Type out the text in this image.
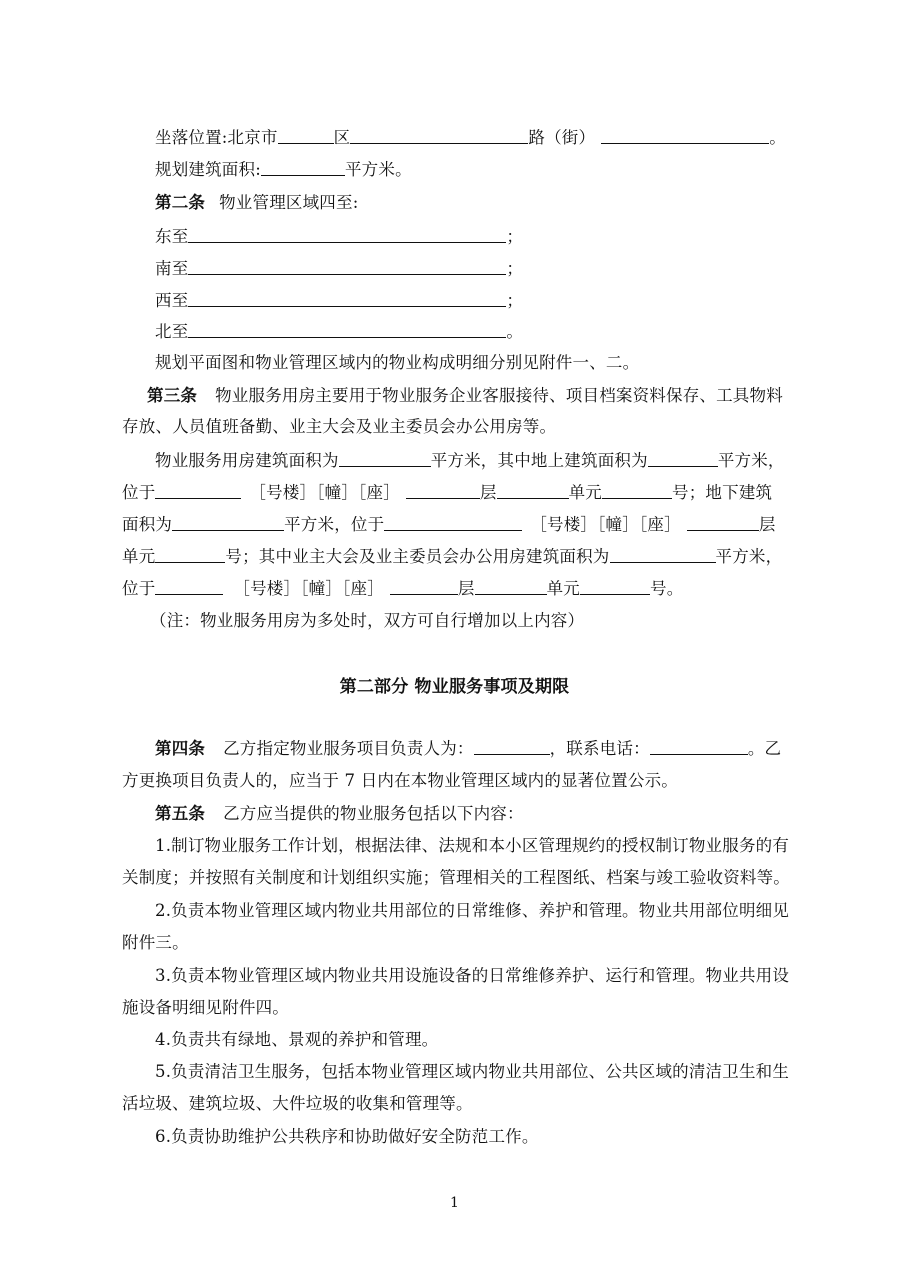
坐落位置:北京市	区	路（街）	。
规划建筑面积:	平方米。
第二条 物业管理区域四至:
东至	；
南至	；
西至	；
北至	。
规划平面图和物业管理区域内的物业构成明细分别见附件一、二。
第三条 物业服务用房主要用于物业服务企业客服接待、项目档案资料保存、工具物料
存放、人员值班备勤、业主大会及业主委员会办公用房等。
物业服务用房建筑面积为	平方米，其中地上建筑面积为	平方米，
位于	［号楼］［幢］［座］	层	单元	号；地下建筑
面积为	平方米，位于	［号楼］［幢］［座］	层
单元	号；其中业主大会及业主委员会办公用房建筑面积为	平方米，
位于	［号楼］［幢］［座］	层	单元	号。
（注：物业服务用房为多处时，双方可自行增加以上内容）
第二部分 物业服务事项及期限
第四条 乙方指定物业服务项目负责人为：	，联系电话：	。乙
方更换项目负责人的，应当于 7 日内在本物业管理区域内的显著位置公示。
第五条 乙方应当提供的物业服务包括以下内容：
1.制订物业服务工作计划，根据法律、法规和本小区管理规约的授权制订物业服务的有
关制度；并按照有关制度和计划组织实施；管理相关的工程图纸、档案与竣工验收资料等。
2.负责本物业管理区域内物业共用部位的日常维修、养护和管理。物业共用部位明细见
附件三。
3.负责本物业管理区域内物业共用设施设备的日常维修养护、运行和管理。物业共用设
施设备明细见附件四。
4.负责共有绿地、景观的养护和管理。
5.负责清洁卫生服务，包括本物业管理区域内物业共用部位、公共区域的清洁卫生和生
活垃圾、建筑垃圾、大件垃圾的收集和管理等。
6.负责协助维护公共秩序和协助做好安全防范工作。
1
